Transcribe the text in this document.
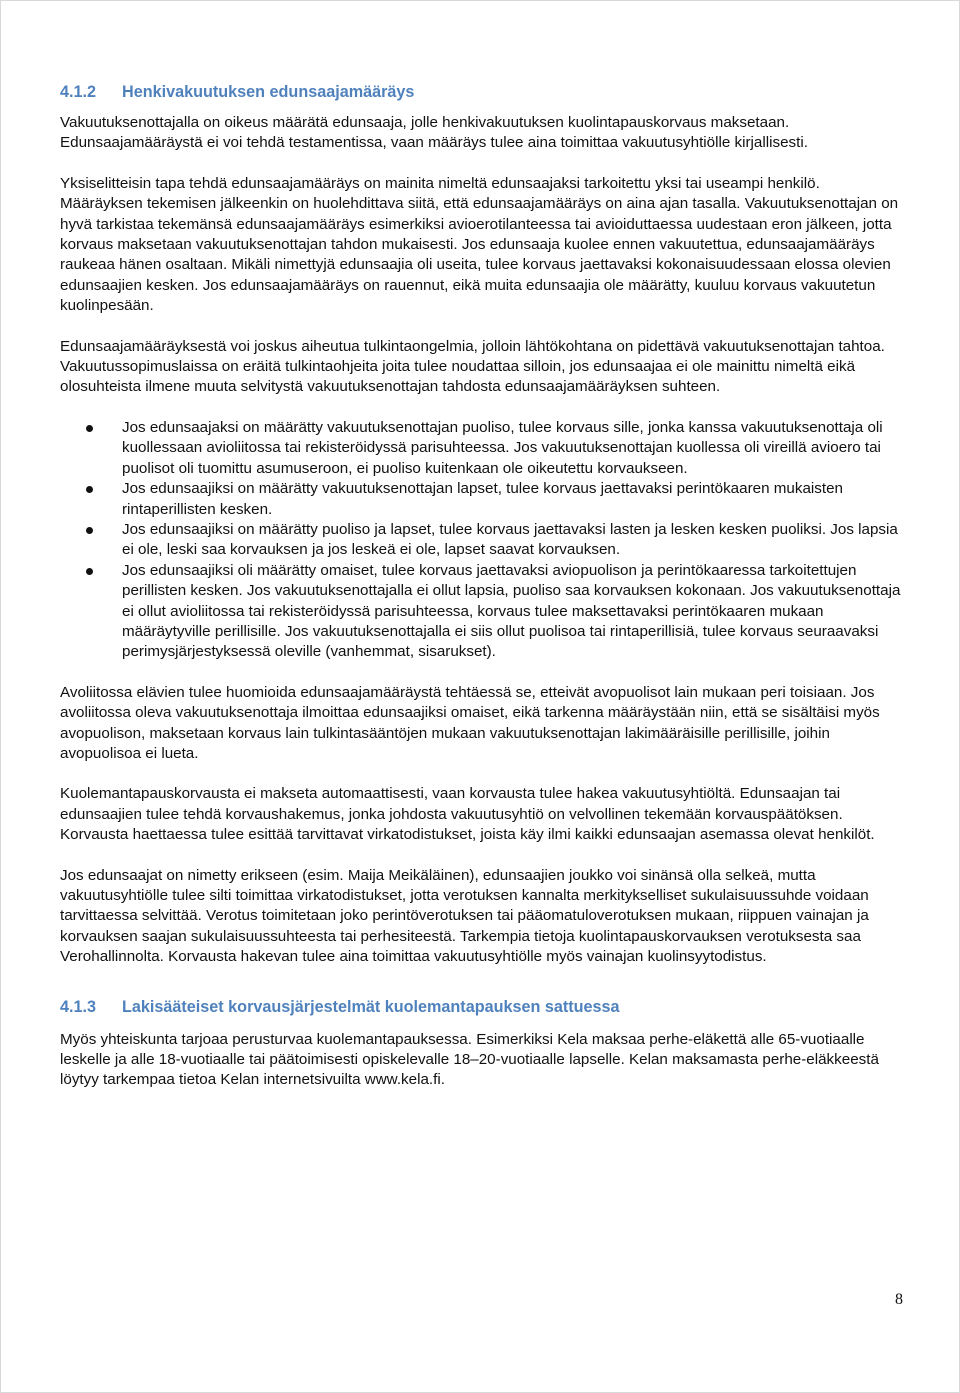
4.1.2	Henkivakuutuksen edunsaajamääräys

Vakuutuksenottajalla on oikeus määrätä edunsaaja, jolle henkivakuutuksen kuolintapauskorvaus maksetaan. Edunsaajamääräystä ei voi tehdä testamentissa, vaan määräys tulee aina toimittaa vakuutusyhtiölle kirjallisesti.

Yksiselitteisin tapa tehdä edunsaajamääräys on mainita nimeltä edunsaajaksi tarkoitettu yksi tai useampi henkilö. Määräyksen tekemisen jälkeenkin on huolehdittava siitä, että edunsaajamääräys on aina ajan tasalla. Vakuutuksenottajan on hyvä tarkistaa tekemänsä edunsaajamääräys esimerkiksi avioerotilanteessa tai avioiduttaessa uudestaan eron jälkeen, jotta korvaus maksetaan vakuutuksenottajan tahdon mukaisesti. Jos edunsaaja kuolee ennen vakuutettua, edunsaajamääräys raukeaa hänen osaltaan. Mikäli nimettyjä edunsaajia oli useita, tulee korvaus jaettavaksi kokonaisuudessaan elossa olevien edunsaajien kesken. Jos edunsaajamääräys on rauennut, eikä muita edunsaajia ole määrätty, kuuluu korvaus vakuutetun kuolinpesään.

Edunsaajamääräyksestä voi joskus aiheutua tulkintaongelmia, jolloin lähtökohtana on pidettävä vakuutuksenottajan tahtoa. Vakuutussopimuslaissa on eräitä tulkintaohjeita joita tulee noudattaa silloin, jos edunsaajaa ei ole mainittu nimeltä eikä olosuhteista ilmene muuta selvitystä vakuutuksenottajan tahdosta edunsaajamääräyksen suhteen.

Jos edunsaajaksi on määrätty vakuutuksenottajan puoliso, tulee korvaus sille, jonka kanssa vakuutuksenottaja oli kuollessaan avioliitossa tai rekisteröidyssä parisuhteessa. Jos vakuutuksenottajan kuollessa oli vireillä avioero tai puolisot oli tuomittu asumuseroon, ei puoliso kuitenkaan ole oikeutettu korvaukseen.
Jos edunsaajiksi on määrätty vakuutuksenottajan lapset, tulee korvaus jaettavaksi perintökaaren mukaisten rintaperillisten kesken.
Jos edunsaajiksi on määrätty puoliso ja lapset, tulee korvaus jaettavaksi lasten ja lesken kesken puoliksi. Jos lapsia ei ole, leski saa korvauksen ja jos leskeä ei ole, lapset saavat korvauksen.
Jos edunsaajiksi oli määrätty omaiset, tulee korvaus jaettavaksi aviopuolison ja perintökaaressa tarkoitettujen perillisten kesken. Jos vakuutuksenottajalla ei ollut lapsia, puoliso saa korvauksen kokonaan. Jos vakuutuksenottaja ei ollut avioliitossa tai rekisteröidyssä parisuhteessa, korvaus tulee maksettavaksi perintökaaren mukaan määräytyville perillisille. Jos vakuutuksenottajalla ei siis ollut puolisoa tai rintaperillisiä, tulee korvaus seuraavaksi perimysjärjestyksessä oleville (vanhemmat, sisarukset).

Avoliitossa elävien tulee huomioida edunsaajamääräystä tehtäessä se, etteivät avopuolisot lain mukaan peri toisiaan. Jos avoliitossa oleva vakuutuksenottaja ilmoittaa edunsaajiksi omaiset, eikä tarkenna määräystään niin, että se sisältäisi myös avopuolison, maksetaan korvaus lain tulkintasääntöjen mukaan vakuutuksenottajan lakimääräisille perillisille, joihin avopuolisoa ei lueta.

Kuolemantapauskorvausta ei makseta automaattisesti, vaan korvausta tulee hakea vakuutusyhtiöltä. Edunsaajan tai edunsaajien tulee tehdä korvaushakemus, jonka johdosta vakuutusyhtiö on velvollinen tekemään korvauspäätöksen. Korvausta haettaessa tulee esittää tarvittavat virkatodistukset, joista käy ilmi kaikki edunsaajan asemassa olevat henkilöt.

Jos edunsaajat on nimetty erikseen (esim. Maija Meikäläinen), edunsaajien joukko voi sinänsä olla selkeä, mutta vakuutusyhtiölle tulee silti toimittaa virkatodistukset, jotta verotuksen kannalta merkitykselliset sukulaisuussuhde voidaan tarvittaessa selvittää. Verotus toimitetaan joko perintöverotuksen tai pääomatuloverotuksen mukaan, riippuen vainajan ja korvauksen saajan sukulaisuussuhteesta tai perhesiteestä. Tarkempia tietoja kuolintapauskorvauksen verotuksesta saa Verohallinnolta. Korvausta hakevan tulee aina toimittaa vakuutusyhtiölle myös vainajan kuolinsyytodistus.

4.1.3	Lakisääteiset korvausjärjestelmät kuolemantapauksen sattuessa

Myös yhteiskunta tarjoaa perusturvaa kuolemantapauksessa. Esimerkiksi Kela maksaa perhe-eläkettä alle 65-vuotiaalle leskelle ja alle 18-vuotiaalle tai päätoimisesti opiskelevalle 18–20-vuotiaalle lapselle. Kelan maksamasta perhe-eläkkeestä löytyy tarkempaa tietoa Kelan internetsivuilta www.kela.fi.

8
